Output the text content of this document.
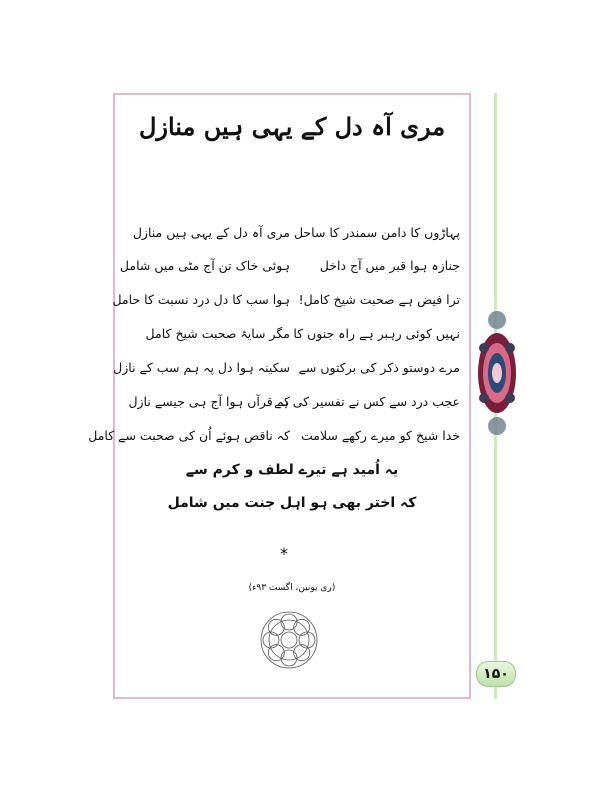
مری آہ دل کے یہی ہیں منازل
پہاڑوں کا دامن سمندر کا ساحل
مری آہ دل کے یہی ہیں منازل
جنازہ ہوا قبر میں آج داخل
ہوئی خاک تن آج مٹی میں شامل
ترا فیض ہے صحبت شیخ کامل!
ہوا سب کا دل درد نسبت کا حامل
نہیں کوئی رہبر ہے راہ جنوں کا
مگر سایۂ صحبت شیخ کامل
مرے دوستو ذکر کی برکتوں سے
سکینہ ہوا دل پہ ہم سب کے نازل
عجب درد سے کس نے تفسیر کی ہے
کہ قرآں ہوا آج ہی جیسے نازل
خدا شیخ کو میرے رکھے سلامت
کہ ناقص ہوئے اُن کی صحبت سے کامل
یہ اُمید ہے تیرے لطف و کرم سے
کہ اختر بھی ہو اہل جنت میں شامل
*
(ری یونین، اگست ۹۳ء)
۱۵۰
